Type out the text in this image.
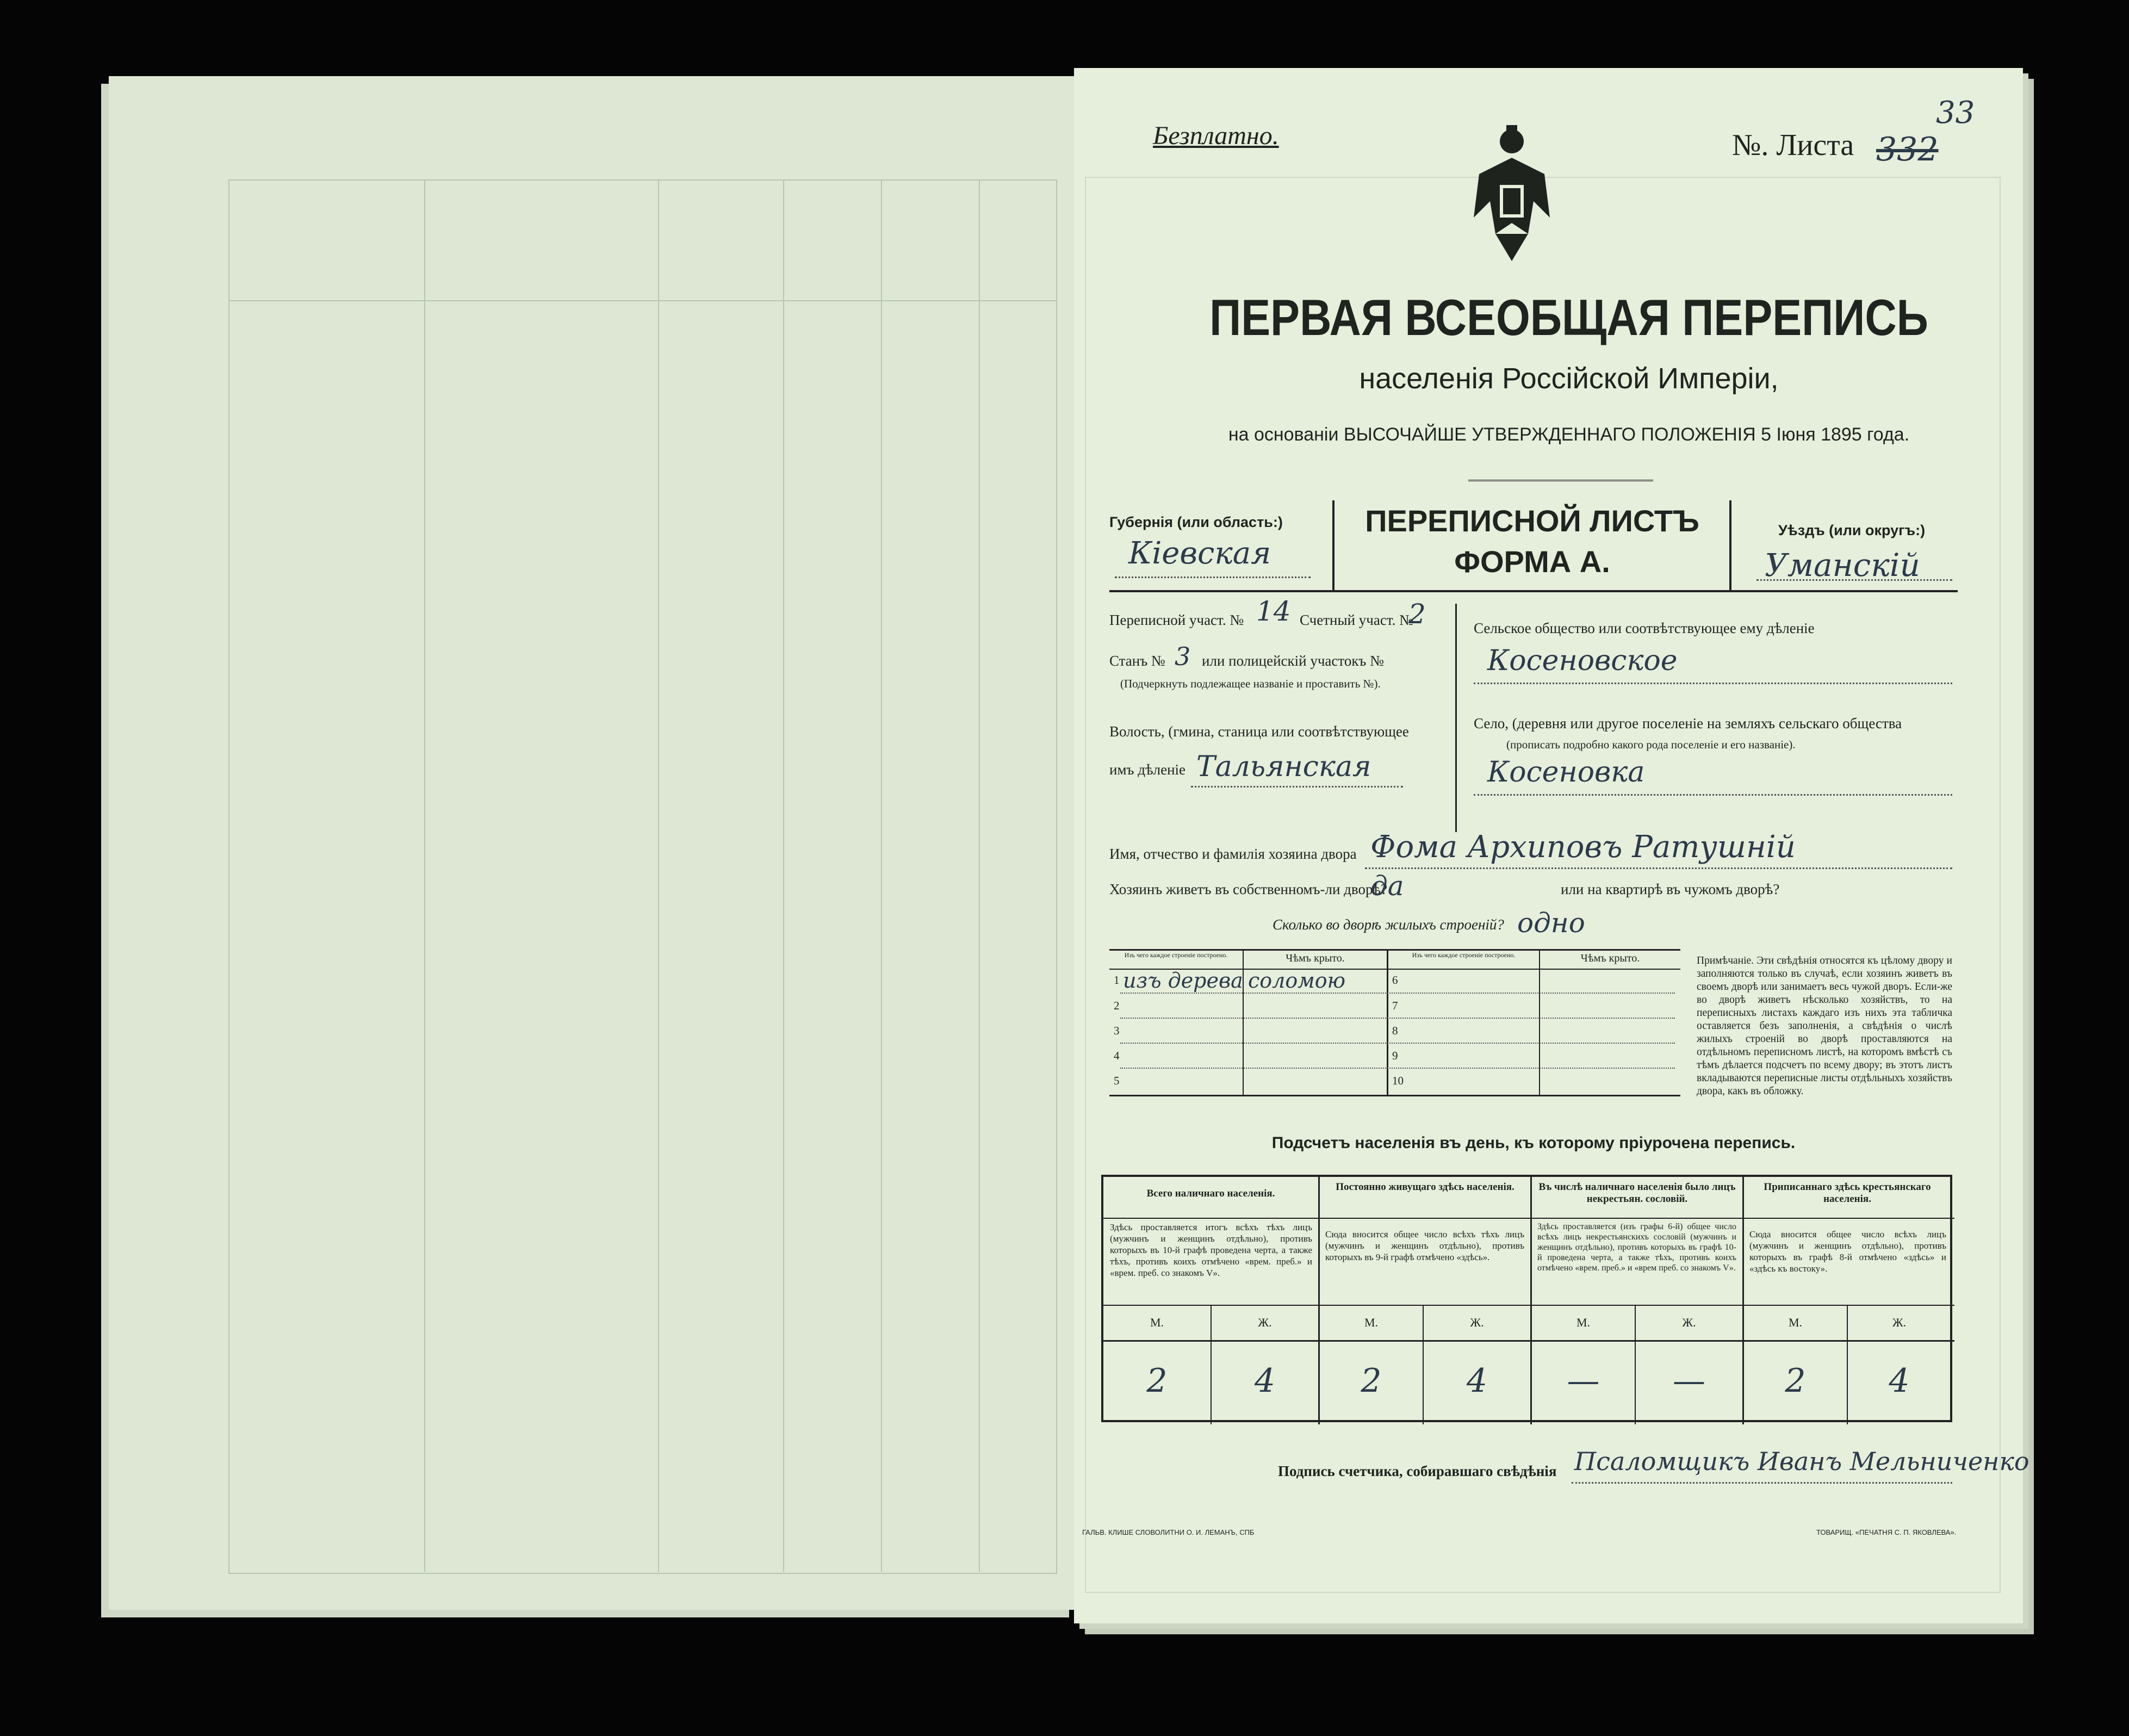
Безплатно.	№. Листа 332
33
ПЕРВАЯ ВСЕОБЩАЯ ПЕРЕПИСЬ
населенія Россійской Имперіи,
на основаніи ВЫСОЧАЙШЕ УТВЕРЖДЕННАГО ПОЛОЖЕНІЯ 5 Іюня 1895 года.
Губернія (или область:)
Кіевская
ПЕРЕПИСНОЙ ЛИСТЪ
ФОРМА А.
Уѣздъ (или округъ:)
Уманскій
Переписной участ. № 14 Счетный участ. №
2
Станъ № 3 или полицейскій участокъ №
(Подчеркнуть подлежащее названіе и проставить №).
Волость, (гмина, станица или соотвѣтствующее
имъ дѣленіе Тальянская
Сельское общество или соотвѣтствующее ему дѣленіе
Косеновское
Село, (деревня или другое поселеніе на земляхъ сельскаго общества
(прописать подробно какого рода поселеніе и его названіе).
Косеновка
Имя, отчество и фамилія хозяина двора Фома Архиповъ Ратушній
Хозяинъ живетъ въ собственномъ-ли дворѣ?
да	или на квартирѣ въ чужомъ дворѣ?
Сколько во дворѣ жилыхъ строеній? одно
Изъ чего каждое строеніе построено.	Чѣмъ крыто.	Изъ чего каждое строеніе построено.	Чѣмъ крыто.
1 изъ дерева соломою
2
3
4
5
6
7
8
9
10
Примѣчаніе. Эти свѣдѣнія относятся къ цѣлому двору и заполняются только въ случаѣ, если хозяинъ живетъ въ своемъ дворѣ или занимаетъ весь чужой дворъ. Если-же во дворѣ живетъ нѣсколько хозяйствъ, то на переписныхъ листахъ каждаго изъ нихъ эта табличка оставляется безъ заполненія, а свѣдѣнія о числѣ жилыхъ строеній во дворѣ проставляются на отдѣльномъ переписномъ листѣ, на которомъ вмѣстѣ съ тѣмъ дѣлается подсчетъ по всему двору; въ этотъ листъ вкладываются переписные листы отдѣльныхъ хозяйствъ двора, какъ въ обложку.
Подсчетъ населенія въ день, къ которому пріурочена перепись.
Всего наличнаго населенія.
Постоянно живущаго здѣсь населенія.	Въ числѣ наличнаго населенія было лицъ некрестьян. сословій.
Приписаннаго здѣсь крестьянскаго населенія.
Здѣсь проставляется итогъ всѣхъ тѣхъ лицъ (мужчинъ и женщинъ отдѣльно), противъ которыхъ въ 10-й графѣ проведена черта, а также тѣхъ, противъ коихъ отмѣчено «врем. преб.» и «врем. преб. со знакомъ V».
Сюда вносится общее число всѣхъ тѣхъ лицъ (мужчинъ и женщинъ отдѣльно), противъ которыхъ въ 9-й графѣ отмѣчено «здѣсь».
Здѣсь проставляется (изъ графы 6-й) общее число всѣхъ лицъ некрестьянскихъ сословій (мужчинъ и женщинъ отдѣльно), противъ которыхъ въ графѣ 10-й проведена черта, а также тѣхъ, противъ коихъ отмѣчено «врем. преб.» и «врем преб. со знакомъ V».
Сюда вносится общее число всѣхъ лицъ (мужчинъ и женщинъ отдѣльно), противъ которыхъ въ графѣ 8-й отмѣчено «здѣсь» и «здѣсь къ востоку».
М.	Ж.	М.	Ж.	М.	Ж.	М.	Ж.
2	4	2	4	—	—	2	4
Подпись счетчика, собиравшаго свѣдѣнія Псаломщикъ Иванъ Мельниченко
ГАЛЬВ. КЛИШЕ СЛОВОЛИТНИ О. И. ЛЕМАНЪ, СПБ	ТОВАРИЩ. «ПЕЧАТНЯ С. П. ЯКОВЛЕВА».
